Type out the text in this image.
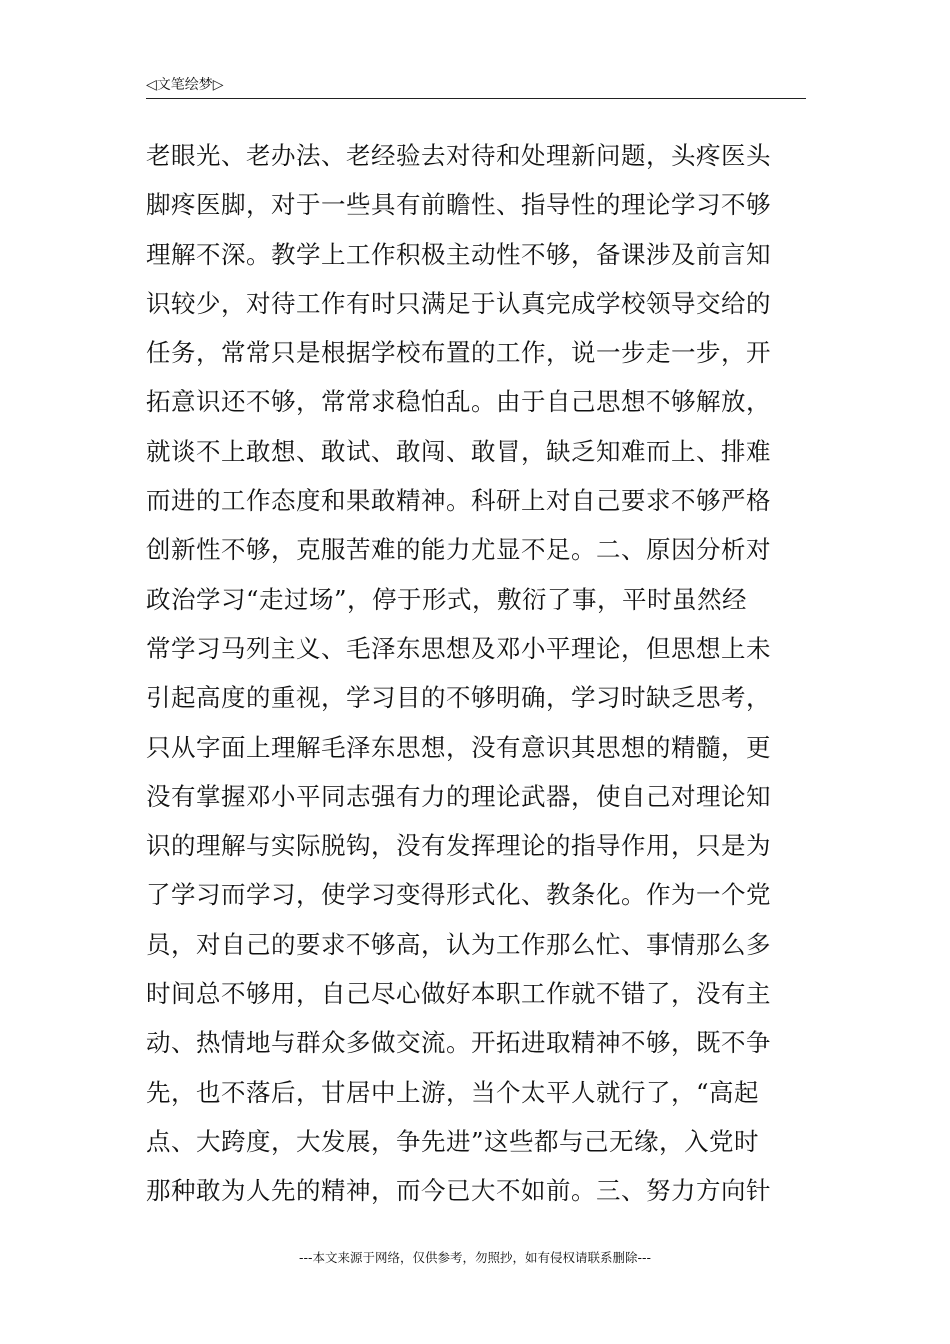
◁文笔绘梦▷
老眼光、老办法、老经验去对待和处理新问题，头疼医头
脚疼医脚，对于一些具有前瞻性、指导性的理论学习不够
理解不深。教学上工作积极主动性不够，备课涉及前言知
识较少，对待工作有时只满足于认真完成学校领导交给的
任务，常常只是根据学校布置的工作，说一步走一步，开
拓意识还不够，常常求稳怕乱。由于自己思想不够解放，
就谈不上敢想、敢试、敢闯、敢冒，缺乏知难而上、排难
而进的工作态度和果敢精神。科研上对自己要求不够严格
创新性不够，克服苦难的能力尤显不足。二、原因分析对
政治学习“走过场”，停于形式，敷衍了事，平时虽然经
常学习马列主义、毛泽东思想及邓小平理论，但思想上未
引起高度的重视，学习目的不够明确，学习时缺乏思考，
只从字面上理解毛泽东思想，没有意识其思想的精髓，更
没有掌握邓小平同志强有力的理论武器，使自己对理论知
识的理解与实际脱钩，没有发挥理论的指导作用，只是为
了学习而学习，使学习变得形式化、教条化。作为一个党
员，对自己的要求不够高，认为工作那么忙、事情那么多
时间总不够用，自己尽心做好本职工作就不错了，没有主
动、热情地与群众多做交流。开拓进取精神不够，既不争
先，也不落后，甘居中上游，当个太平人就行了，“高起
点、大跨度，大发展，争先进”这些都与己无缘，入党时
那种敢为人先的精神，而今已大不如前。三、努力方向针
---本文来源于网络，仅供参考，勿照抄，如有侵权请联系删除---
